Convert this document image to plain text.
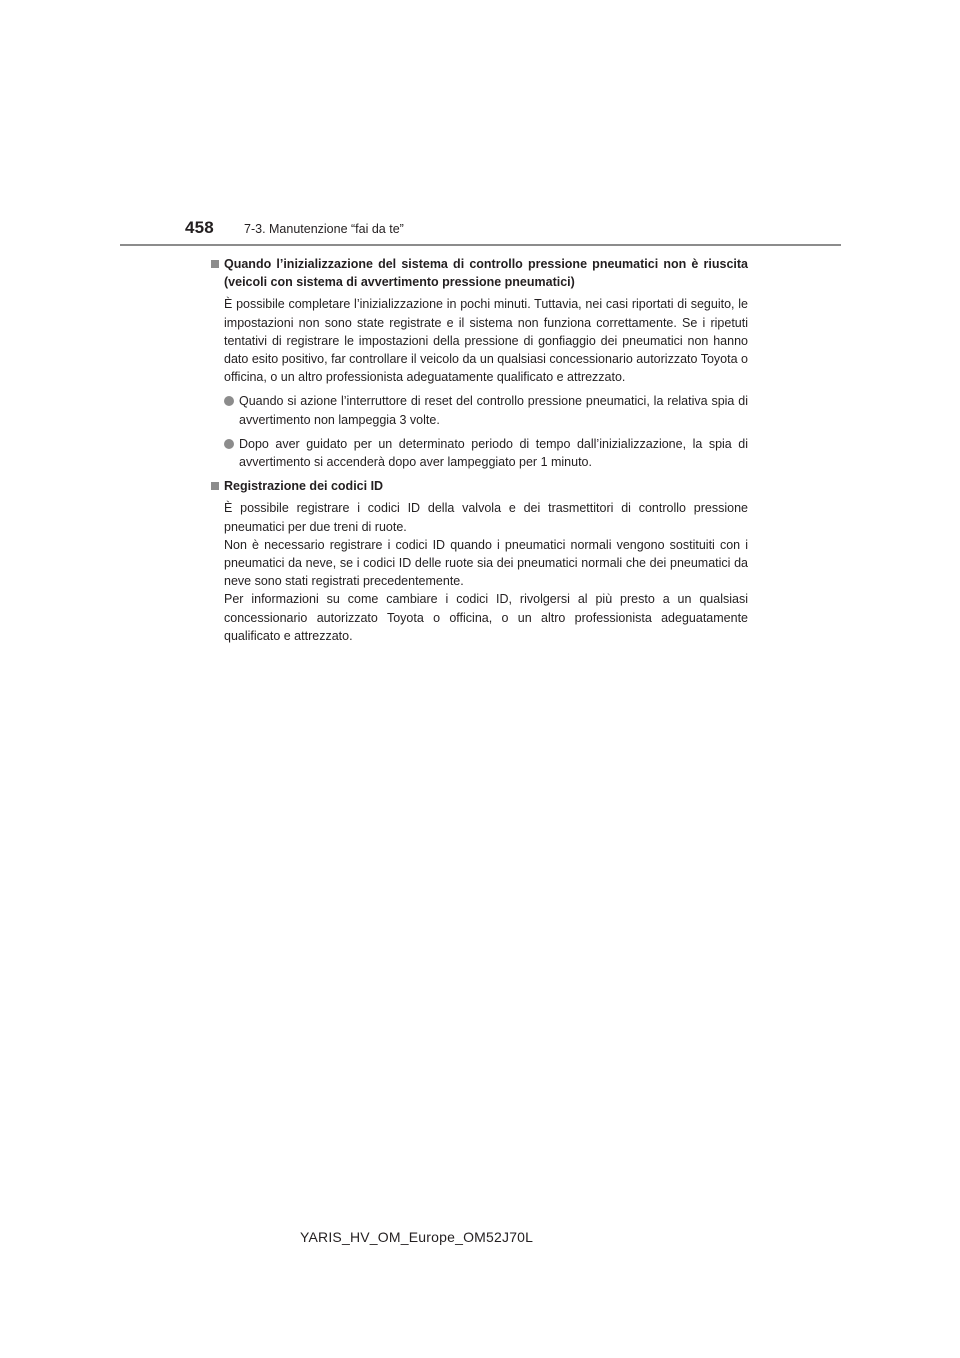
458 7-3. Manutenzione “fai da te”

Quando l’inizializzazione del sistema di controllo pressione pneumatici non è riuscita (veicoli con sistema di avvertimento pressione pneumatici)

È possibile completare l’inizializzazione in pochi minuti. Tuttavia, nei casi riportati di seguito, le impostazioni non sono state registrate e il sistema non funziona correttamente. Se i ripetuti tentativi di registrare le impostazioni della pressione di gonfiaggio dei pneumatici non hanno dato esito positivo, far controllare il veicolo da un qualsiasi concessionario autorizzato Toyota o officina, o un altro professionista adeguatamente qualificato e attrezzato.

Quando si azione l’interruttore di reset del controllo pressione pneumatici, la relativa spia di avvertimento non lampeggia 3 volte.

Dopo aver guidato per un determinato periodo di tempo dall’inizializzazione, la spia di avvertimento si accenderà dopo aver lampeggiato per 1 minuto.

Registrazione dei codici ID

È possibile registrare i codici ID della valvola e dei trasmettitori di controllo pressione pneumatici per due treni di ruote.

Non è necessario registrare i codici ID quando i pneumatici normali vengono sostituiti con i pneumatici da neve, se i codici ID delle ruote sia dei pneumatici normali che dei pneumatici da neve sono stati registrati precedentemente.

Per informazioni su come cambiare i codici ID, rivolgersi al più presto a un qualsiasi concessionario autorizzato Toyota o officina, o un altro professionista adeguatamente qualificato e attrezzato.

YARIS_HV_OM_Europe_OM52J70L
